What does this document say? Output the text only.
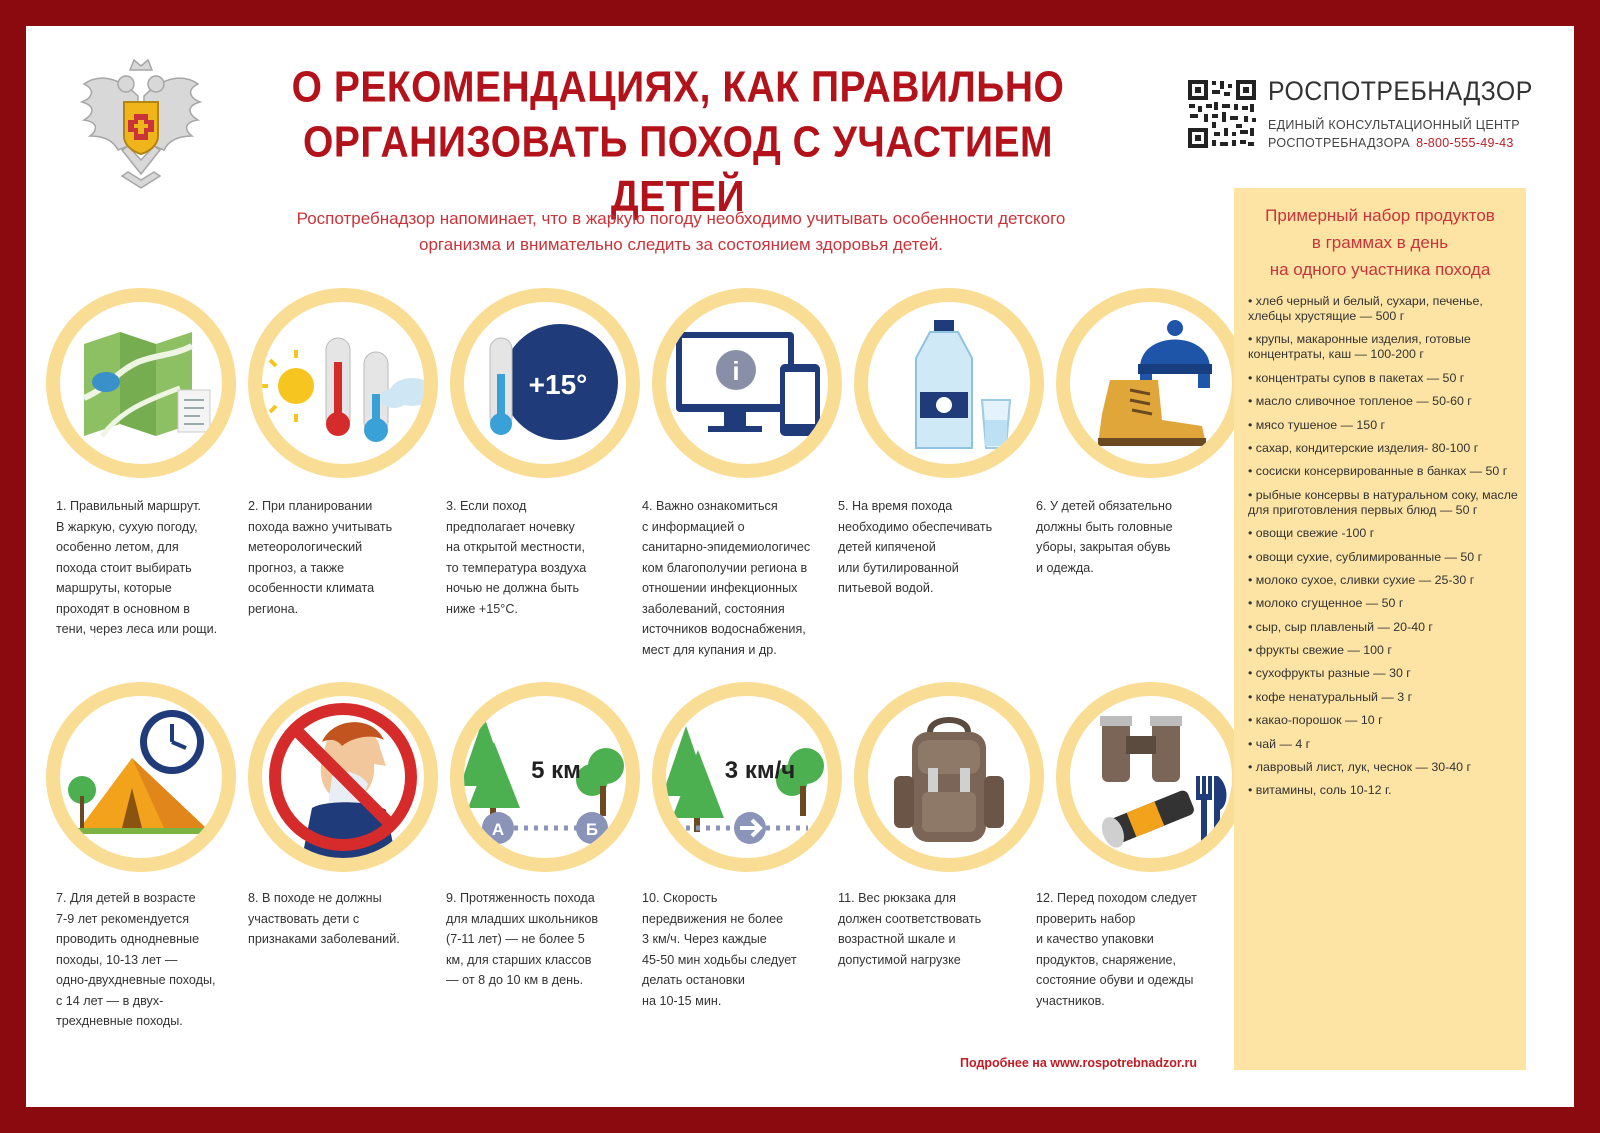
О РЕКОМЕНДАЦИЯХ, КАК ПРАВИЛЬНО
ОРГАНИЗОВАТЬ ПОХОД С УЧАСТИЕМ ДЕТЕЙ
РОСПОТРЕБНАДЗОР
ЕДИНЫЙ КОНСУЛЬТАЦИОННЫЙ ЦЕНТР
РОСПОТРЕБНАДЗОРА 8-800-555-49-43
Роспотребнадзор напоминает, что в жаркую погоду необходимо учитывать особенности детского
организма и внимательно следить за состоянием здоровья детей.
+15°	i
1. Правильный маршрут.
В жаркую, сухую погоду,
особенно летом, для
похода стоит выбирать
маршруты, которые
проходят в основном в
тени, через леса или рощи.
2. При планировании
похода важно учитывать
метеорологический
прогноз, а также
особенности климата
региона.
3. Если поход
предполагает ночевку
на открытой местности,
то температура воздуха
ночью не должна быть
ниже +15°С.
4. Важно ознакомиться
с информацией о
санитарно-эпидемиологичес
ком благополучии региона в
отношении инфекционных
заболеваний, состояния
источников водоснабжения,
мест для купания и др.
5. На время похода
необходимо обеспечивать
детей кипяченой
или бутилированной
питьевой водой.
6. У детей обязательно
должны быть головные
уборы, закрытая обувь
и одежда.
5 км
А	Б
3 км/ч
7. Для детей в возрасте
7-9 лет рекомендуется
проводить однодневные
походы, 10-13 лет —
одно-двухдневные походы,
с 14 лет — в двух-
трехдневные походы.
8. В походе не должны
участвовать дети с
признаками заболеваний.
9. Протяженность похода
для младших школьников
(7-11 лет) — не более 5
км, для старших классов
— от 8 до 10 км в день.
10. Скорость
передвижения не более
3 км/ч. Через каждые
45-50 мин ходьбы следует
делать остановки
на 10-15 мин.
11. Вес рюкзака для
должен соответствовать
возрастной шкале и
допустимой нагрузке
12. Перед походом следует
проверить набор
и качество упаковки
продуктов, снаряжение,
состояние обуви и одежды
участников.
Примерный набор продуктов
в граммах в день
на одного участника похода
• хлеб черный и белый, сухари, печенье, хлебцы хрустящие — 500 г
• крупы, макаронные изделия, готовые концентраты, каш — 100-200 г
• концентраты супов в пакетах — 50 г
• масло сливочное топленое — 50-60 г
• мясо тушеное — 150 г
• сахар, кондитерские изделия- 80-100 г
• сосиски консервированные в банках — 50 г
• рыбные консервы в натуральном соку, масле для приготовления первых блюд — 50 г
• овощи свежие -100 г
• овощи сухие, сублимированные — 50 г
• молоко сухое, сливки сухие — 25-30 г
• молоко сгущенное — 50 г
• сыр, сыр плавленый — 20-40 г
• фрукты свежие — 100 г
• сухофрукты разные — 30 г
• кофе ненатуральный — 3 г
• какао-порошок — 10 г
• чай — 4 г
• лавровый лист, лук, чеснок — 30-40 г
• витамины, соль 10-12 г.
Подробнее на www.rospotrebnadzor.ru
